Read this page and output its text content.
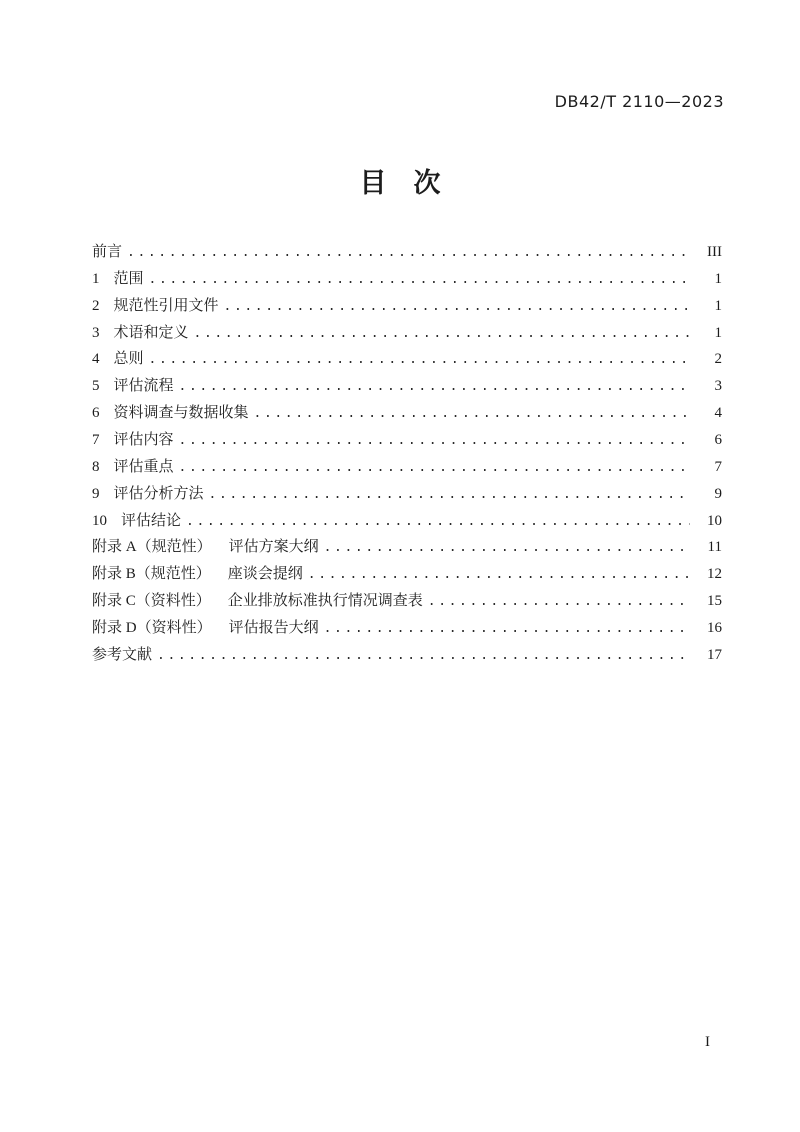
DB42/T 2110—2023
目　次
前言 .....	III
1 范围 .....	1
2 规范性引用文件 .....	1
3 术语和定义 .....	1
4 总则 .....	2
5 评估流程 .....	3
6 资料调查与数据收集 .....	4
7 评估内容 .....	6
8 评估重点 .....	7
9 评估分析方法 .....	9
10 评估结论 .....	10
附录 A（规范性） 评估方案大纲 .....	11
附录 B（规范性） 座谈会提纲 .....	12
附录 C（资料性） 企业排放标准执行情况调查表 .....	15
附录 D（资料性） 评估报告大纲 .....	16
参考文献 .....	17
I
